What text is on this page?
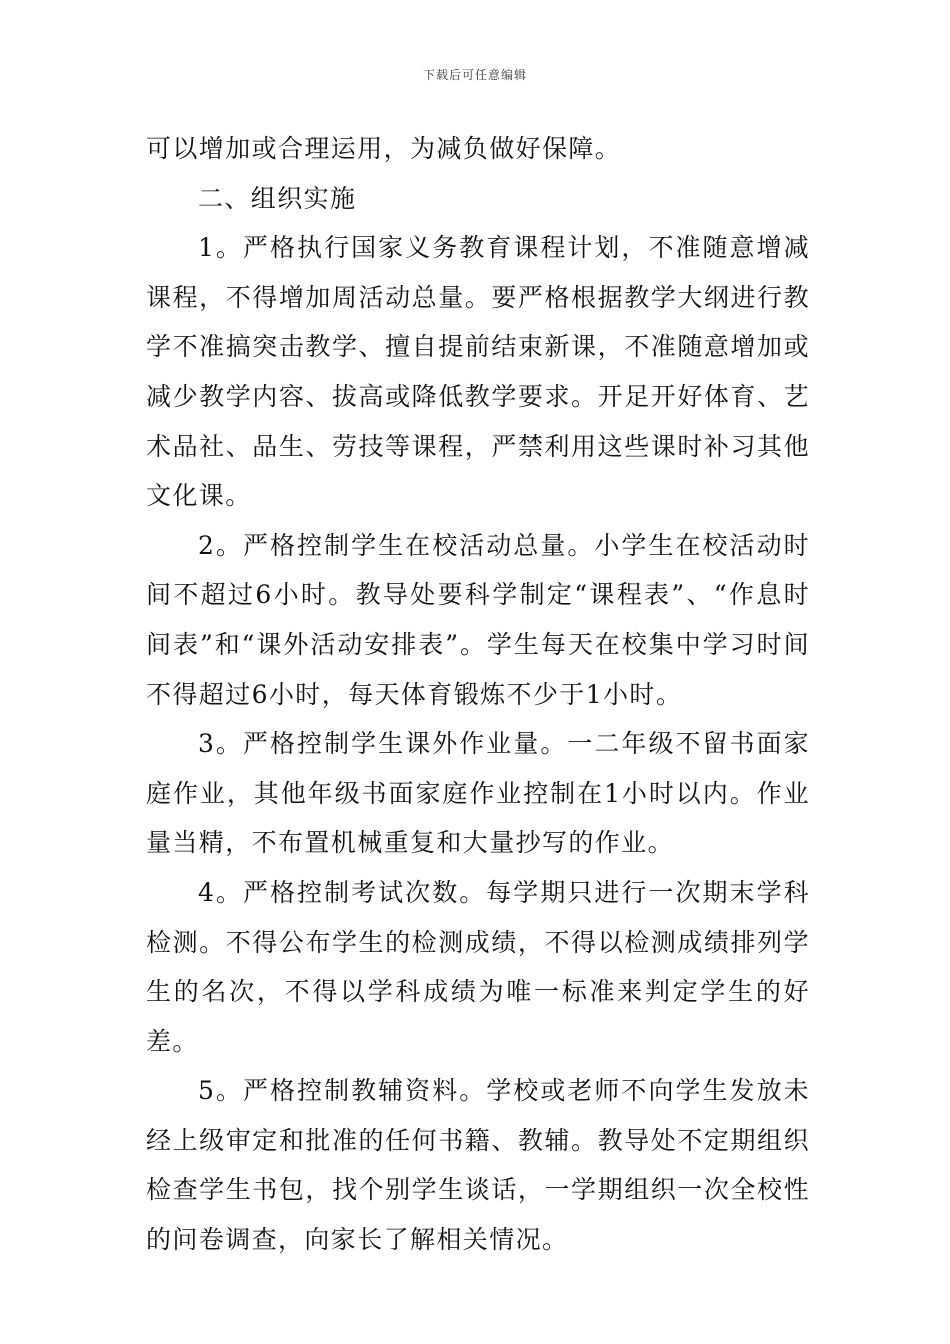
下载后可任意编辑

可以增加或合理运用，为减负做好保障。

二、组织实施

1。严格执行国家义务教育课程计划，不准随意增减课程，不得增加周活动总量。要严格根据教学大纲进行教学不准搞突击教学、擅自提前结束新课，不准随意增加或减少教学内容、拔高或降低教学要求。开足开好体育、艺术品社、品生、劳技等课程，严禁利用这些课时补习其他文化课。

2。严格控制学生在校活动总量。小学生在校活动时间不超过6小时。教导处要科学制定“课程表”、“作息时间表”和“课外活动安排表”。学生每天在校集中学习时间不得超过6小时，每天体育锻炼不少于1小时。

3。严格控制学生课外作业量。一二年级不留书面家庭作业，其他年级书面家庭作业控制在1小时以内。作业量当精，不布置机械重复和大量抄写的作业。

4。严格控制考试次数。每学期只进行一次期末学科检测。不得公布学生的检测成绩，不得以检测成绩排列学生的名次，不得以学科成绩为唯一标准来判定学生的好差。

5。严格控制教辅资料。学校或老师不向学生发放未经上级审定和批准的任何书籍、教辅。教导处不定期组织检查学生书包，找个别学生谈话，一学期组织一次全校性的问卷调查，向家长了解相关情况。
